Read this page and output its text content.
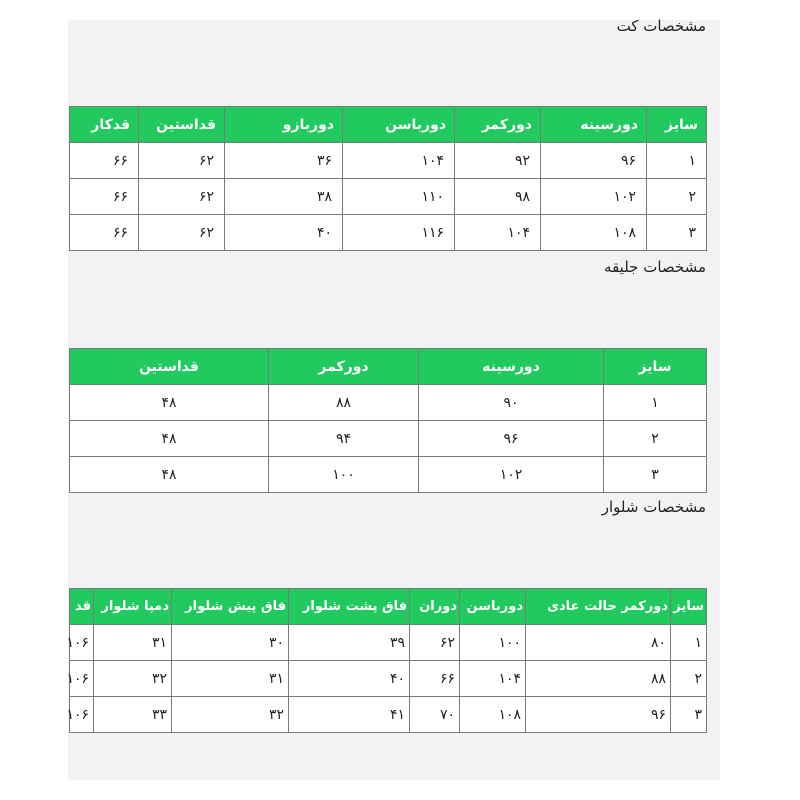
مشخصات کت
سایز	دورسینه	دورکمر	دورباسن	دوربازو	قداستین	قدکار
۱	۹۶	۹۲	۱۰۴	۳۶	۶۲	۶۶
۲	۱۰۲	۹۸	۱۱۰	۳۸	۶۲	۶۶
۳	۱۰۸	۱۰۴	۱۱۶	۴۰	۶۲	۶۶
مشخصات جلیقه
سایز	دورسینه	دورکمر	قداستین
۱	۹۰	۸۸	۴۸
۲	۹۶	۹۴	۴۸
۳	۱۰۲	۱۰۰	۴۸
مشخصات شلوار
سایز	دورکمر حالت عادی	دورباسن	دوران	فاق پشت شلوار	فاق پیش شلوار	دمپا شلوار	قد
۱	۸۰	۱۰۰	۶۲	۳۹	۳۰	۳۱	۱۰۶
۲	۸۸	۱۰۴	۶۶	۴۰	۳۱	۳۲	۱۰۶
۳	۹۶	۱۰۸	۷۰	۴۱	۳۲	۳۳	۱۰۶
